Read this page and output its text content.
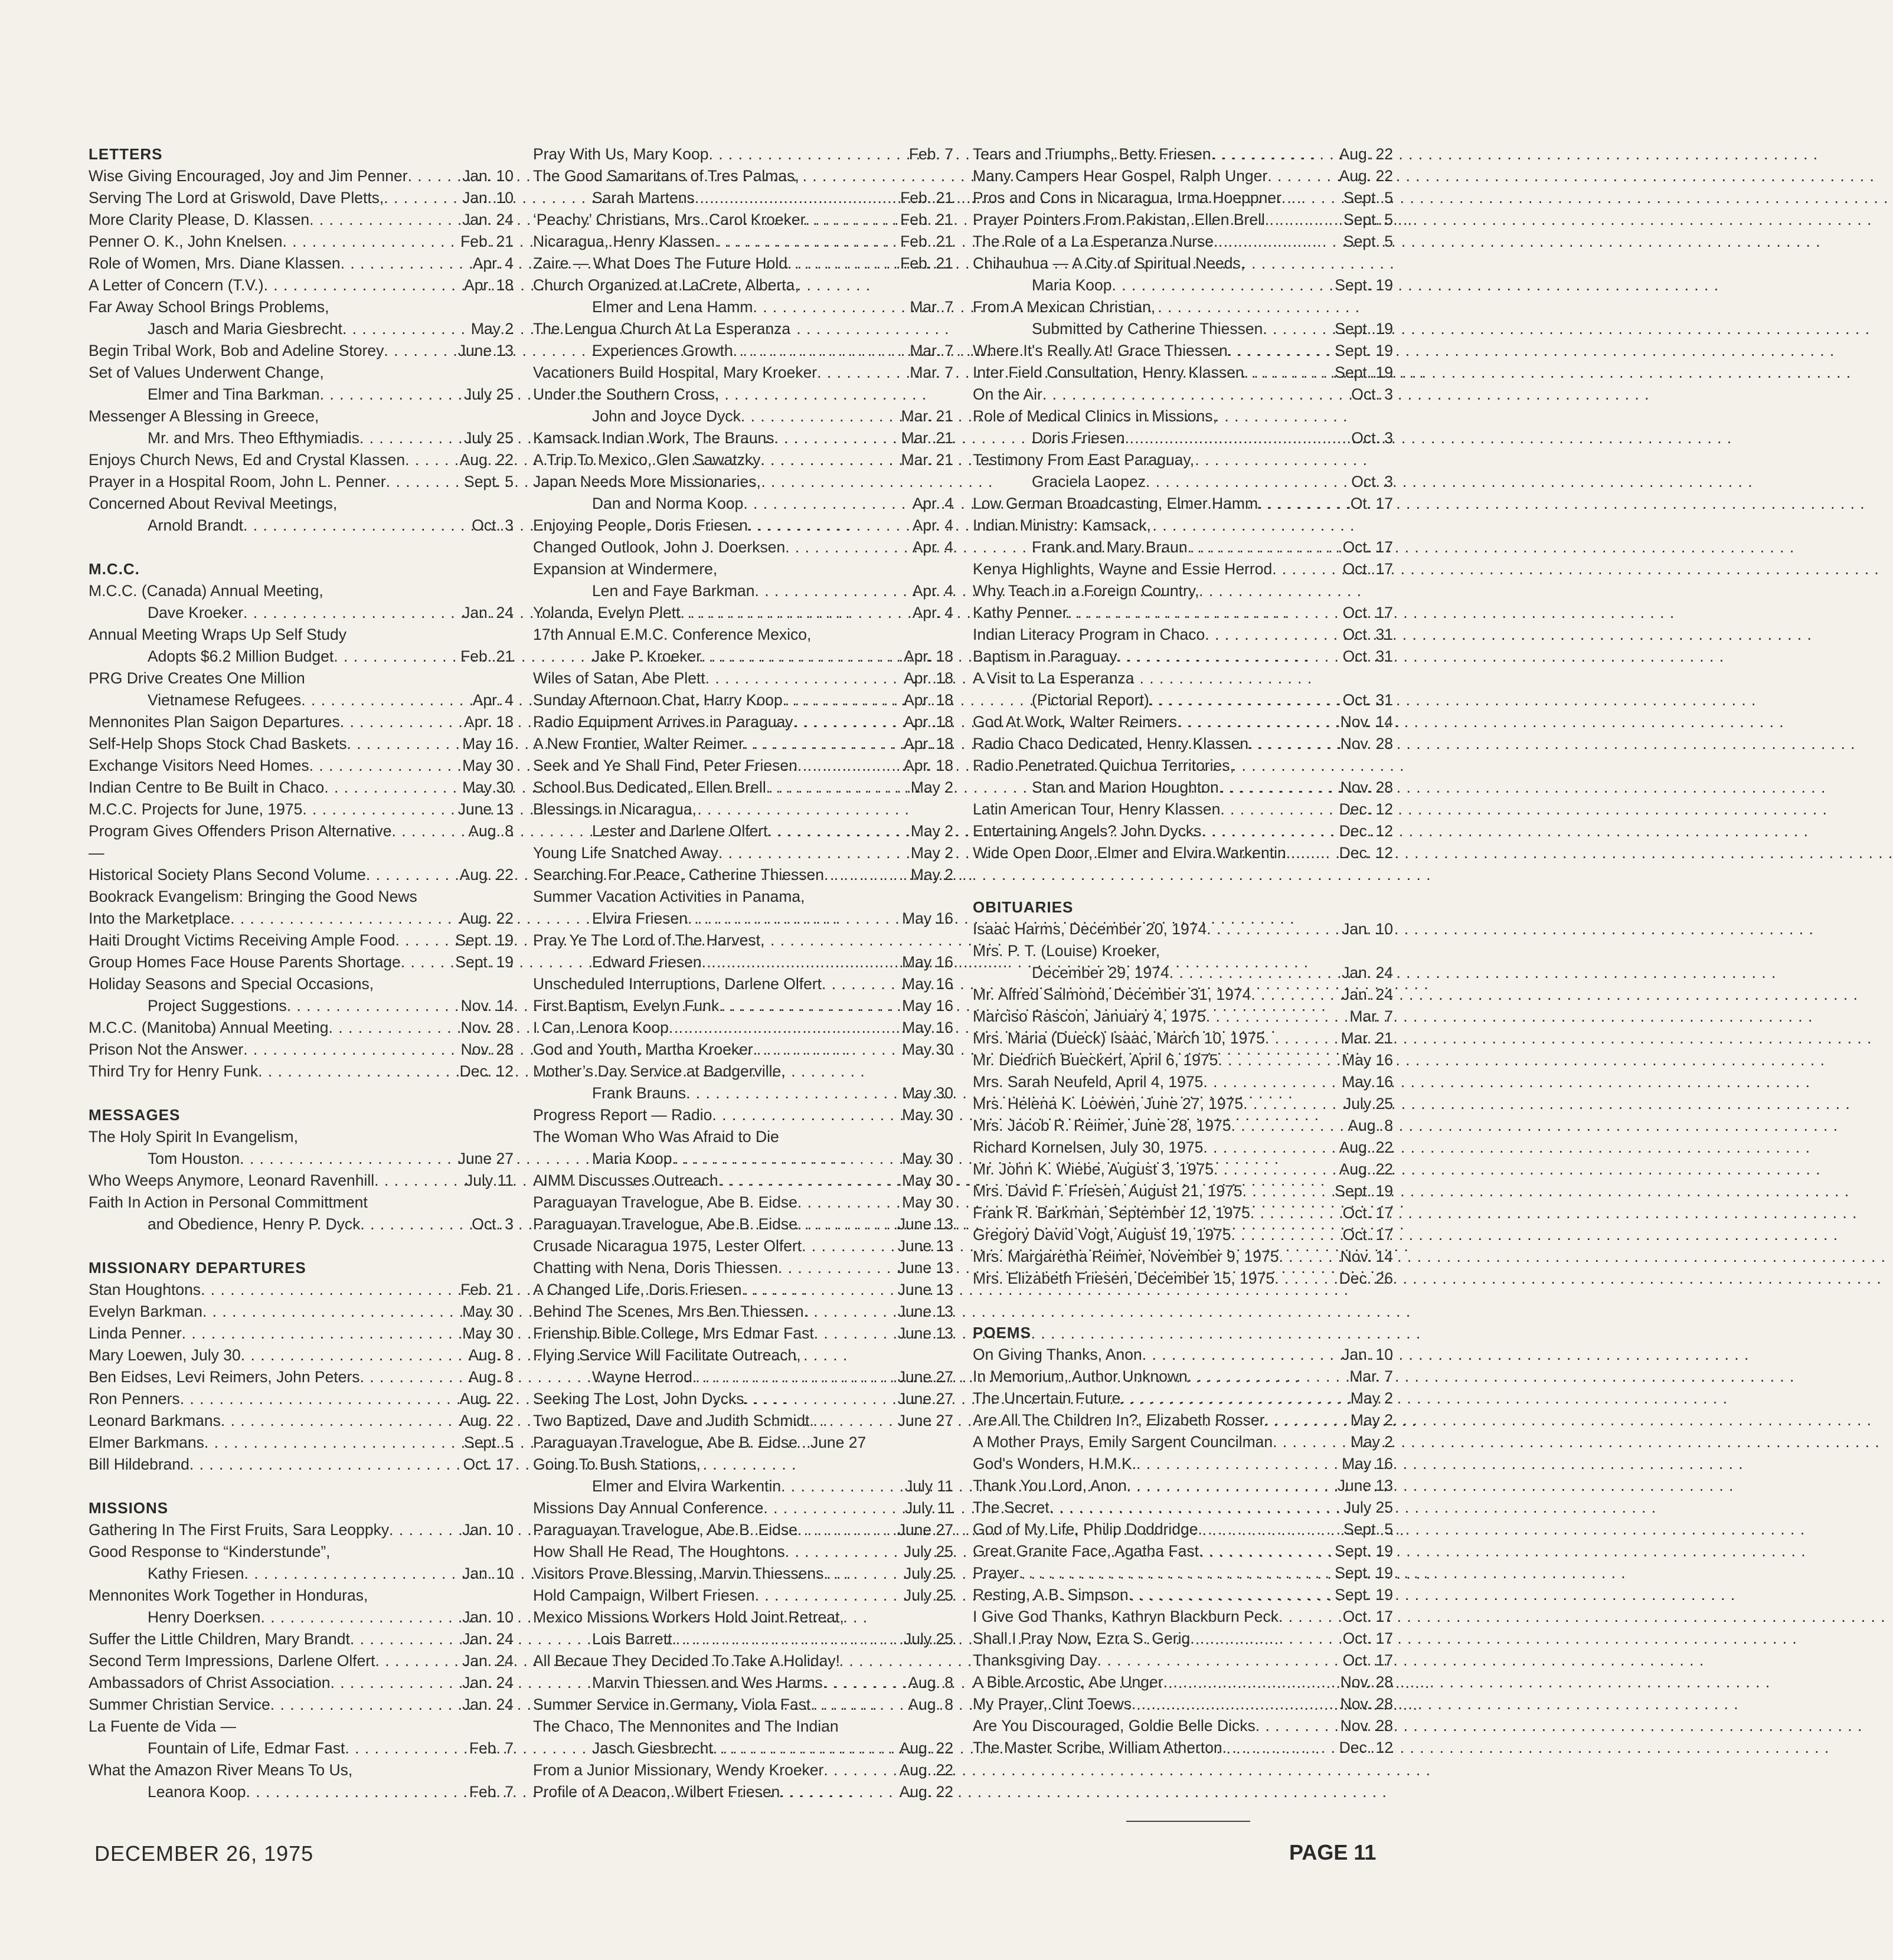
LETTERS
Wise Giving Encouraged, Joy and Jim Penner . . .	Jan. 10
Serving The Lord at Griswold, Dave Pletts, . . .	Jan. 10
More Clarity Please, D. Klassen . . .	Jan. 24
Penner O. K., John Knelsen . . .	Feb. 21
Role of Women, Mrs. Diane Klassen . . .	Apr. 4
A Letter of Concern (T.V.) . . .	Apr. 18
Far Away School Brings Problems,
Jasch and Maria Giesbrecht . . .	May 2
Begin Tribal Work, Bob and Adeline Storey . . .	June 13
Set of Values Underwent Change,
Elmer and Tina Barkman . . .	July 25
Messenger A Blessing in Greece,
Mr. and Mrs. Theo Efthymiadis . . .	July 25
Enjoys Church News, Ed and Crystal Klassen . . .	Aug. 22
Prayer in a Hospital Room, John L. Penner . . .	Sept. 5
Concerned About Revival Meetings,
Arnold Brandt . . .	Oct. 3
M.C.C.
M.C.C. (Canada) Annual Meeting,
Dave Kroeker . . .	Jan. 24
Annual Meeting Wraps Up Self Study
Adopts $6.2 Million Budget . . .	Feb. 21
PRG Drive Creates One Million
Vietnamese Refugees . . .	Apr. 4
Mennonites Plan Saigon Departures . . .	Apr. 18
Self-Help Shops Stock Chad Baskets . . .	May 16
Exchange Visitors Need Homes . . .	May 30
Indian Centre to Be Built in Chaco . . .	May 30
M.C.C. Projects for June, 1975 . . .	June 13
Program Gives Offenders Prison Alternative . . .	Aug. 8
—
Historical Society Plans Second Volume . . .	Aug. 22
Bookrack Evangelism: Bringing the Good News
Into the Marketplace . . .	Aug. 22
Haiti Drought Victims Receiving Ample Food . . .	Sept. 19
Group Homes Face House Parents Shortage . . .	Sept. 19
Holiday Seasons and Special Occasions,
Project Suggestions . . .	Nov. 14
M.C.C. (Manitoba) Annual Meeting . . .	Nov. 28
Prison Not the Answer . . .	Nov. 28
Third Try for Henry Funk . . .	Dec. 12
MESSAGES
The Holy Spirit In Evangelism,
Tom Houston . . .	June 27
Who Weeps Anymore, Leonard Ravenhill . . .	July 11
Faith In Action in Personal Committment
and Obedience, Henry P. Dyck . . .	Oct. 3
MISSIONARY DEPARTURES
Stan Houghtons . . .	Feb. 21
Evelyn Barkman . . .	May 30
Linda Penner . . .	May 30
Mary Loewen, July 30 . . .	Aug. 8
Ben Eidses, Levi Reimers, John Peters . . .	Aug. 8
Ron Penners . . .	Aug. 22
Leonard Barkmans . . .	Aug. 22
Elmer Barkmans . . .	Sept. 5
Bill Hildebrand . . .	Oct. 17
MISSIONS
Gathering In The First Fruits, Sara Leoppky . . .	Jan. 10
Good Response to “Kinderstunde”,
Kathy Friesen . . .	Jan. 10
Mennonites Work Together in Honduras,
Henry Doerksen . . .	Jan. 10
Suffer the Little Children, Mary Brandt . . .	Jan. 24
Second Term Impressions, Darlene Olfert . . .	Jan. 24
Ambassadors of Christ Association . . .	Jan. 24
Summer Christian Service . . .	Jan. 24
La Fuente de Vida —
Fountain of Life, Edmar Fast . . .	Feb. 7
What the Amazon River Means To Us,
Leanora Koop . . .	Feb. 7
Pray With Us, Mary Koop . . .	Feb. 7
The Good Samaritans of Tres Palmas,
Sarah Martens . . .	Feb. 21
‘Peachy’ Christians, Mrs. Carol Kroeker . . .	Feb. 21
Nicaragua, Henry Klassen . . .	Feb. 21
Zaire — What Does The Future Hold . . .	Feb. 21
Church Organized at LaCrete, Alberta,
Elmer and Lena Hamm . . .	Mar. 7
The Lengua Church At La Esperanza
Experiences Growth . . .	Mar. 7
Vacationers Build Hospital, Mary Kroeker . . .	Mar. 7
Under the Southern Cross,
John and Joyce Dyck . . .	Mar. 21
Kamsack Indian Work, The Brauns . . .	Mar. 21
A Trip To Mexico, Glen Sawatzky . . .	Mar. 21
Japan Needs More Missionaries,
Dan and Norma Koop . . .	Apr. 4
Enjoying People, Doris Friesen . . .	Apr. 4
Changed Outlook, John J. Doerksen . . .	Apr. 4
Expansion at Windermere,
Len and Faye Barkman . . .	Apr. 4
Yolanda, Evelyn Plett . . .	Apr. 4
17th Annual E.M.C. Conference Mexico,
Jake P. Kroeker . . .	Apr. 18
Wiles of Satan, Abe Plett . . .	Apr. 18
Sunday Afternoon Chat, Harry Koop . . .	Apr. 18
Radio Equipment Arrives in Paraguay . . .	Apr. 18
A New Frontier, Walter Reimer . . .	Apr. 18
Seek and Ye Shall Find, Peter Friesen . . .	Apr. 18
School Bus Dedicated, Ellen Brell . . .	May 2
Blessings in Nicaragua,
Lester and Darlene Olfert . . .	May 2
Young Life Snatched Away . . .	May 2
Searching For Peace, Catherine Thiessen . . .	May 2
Summer Vacation Activities in Panama,
Elvira Friesen . . .	May 16
Pray Ye The Lord of The Harvest,
Edward Friesen . . .	May 16
Unscheduled Interruptions, Darlene Olfert . . .	May 16
First Baptism, Evelyn Funk . . .	May 16
I Can, Lenora Koop . . .	May 16
God and Youth, Martha Kroeker . . .	May 30
Mother’s Day Service at Badgerville,
Frank Brauns . . .	May 30
Progress Report — Radio . . .	May 30
The Woman Who Was Afraid to Die
Maria Koop . . .	May 30
AIMM Discusses Outreach . . .	May 30
Paraguayan Travelogue, Abe B. Eidse . . .	May 30
Paraguayan Travelogue, Abe B. Eidse . . .	June 13
Crusade Nicaragua 1975, Lester Olfert . . .	June 13
Chatting with Nena, Doris Thiessen . . .	June 13
A Changed Life, Doris Friesen . . .	June 13
Behind The Scenes, Mrs Ben Thiessen . . .	June 13
Frienship Bible College, Mrs Edmar Fast . . .	June 13
Flying Service Will Facilitate Outreach,
Wayne Herrod . . .	June 27
Seeking The Lost, John Dycks . . .	June 27
Two Baptized, Dave and Judith Schmidt . . .	June 27
Paraguayan Travelogue, Abe B. Eidse . June 27
Going To Bush Stations,
Elmer and Elvira Warkentin . . .	July 11
Missions Day Annual Conference . . .	July 11
Paraguayan Travelogue, Abe B. Eidse . . .	June 27
How Shall He Read, The Houghtons . . .	July 25
Visitors Prove Blessing, Marvin Thiessens . . .	July 25
Hold Campaign, Wilbert Friesen . . .	July 25
Mexico Missions Workers Hold Joint Retreat,
Lois Barrett . . .	July 25
All Becaue They Decided To Take A Holiday!
Marvin Thiessen and Wes Harms . . .	Aug. 8
Summer Service in Germany, Viola Fast . . .	Aug. 8
The Chaco, The Mennonites and The Indian
Jasch Giesbrecht . . .	Aug. 22
From a Junior Missionary, Wendy Kroeker . . .	Aug. 22
Profile of A Deacon, Wilbert Friesen . . .	Aug. 22
Tears and Triumphs, Betty Friesen . . .	Aug. 22
Many Campers Hear Gospel, Ralph Unger . . .	Aug. 22
Pros and Cons in Nicaragua, Irma Hoeppner . . .	Sept. 5
Prayer Pointers From Pakistan, Ellen Brell . . .	Sept. 5
The Role of a La Esperanza Nurse . . .	Sept. 5
Chihauhua — A City of Spiritual Needs,
Maria Koop . . .	Sept. 19
From A Mexican Christian,
Submitted by Catherine Thiessen . . .	Sept. 19
Where It's Really At! Grace Thiessen . . .	Sept. 19
Inter Field Consultation, Henry Klassen . . .	Sept. 19
On the Air . . .	Oct. 3
Role of Medical Clinics in Missions,
Doris Friesen . . .	Oct. 3
Testimony From East Paraguay,
Graciela Laopez . . .	Oct. 3
Low German Broadcasting, Elmer Hamm . . .	Ot. 17
Indian Ministry: Kamsack,
Frank and Mary Braun . . .	Oct. 17
Kenya Highlights, Wayne and Essie Herrod . . .	Oct. 17
Why Teach in a Foreign Country,
Kathy Penner . . .	Oct. 17
Indian Literacy Program in Chaco . . .	Oct. 31
Baptism in Paraguay . . .	Oct. 31
A Visit to La Esperanza
(Pictorial Report) . . .	Oct. 31
God At Work, Walter Reimers . . .	Nov. 14
Radio Chaco Dedicated, Henry Klassen . . .	Nov. 28
Radio Penetrated Quichua Territories,
Stan and Marion Houghton . . .	Nov. 28
Latin American Tour, Henry Klassen . . .	Dec. 12
Entertaining Angels? John Dycks . . .	Dec. 12
Wide Open Door, Elmer and Elvira Warkentin . . .	Dec. 12
OBITUARIES
Isaac Harms, December 20, 1974 . . .	Jan. 10
Mrs. P. T. (Louise) Kroeker,
December 29, 1974 . . .	Jan. 24
Mr. Alfred Salmond, December 31, 1974 . . .	Jan. 24
Marciso Rascon, January 4, 1975 . . .	Mar. 7
Mrs. Maria (Dueck) Isaac, March 10, 1975 . . .	Mar. 21
Mr. Diedrich Bueckert, April 6, 1975 . . .	May 16
Mrs. Sarah Neufeld, April 4, 1975 . . .	May 16
Mrs. Helena K. Loewen, June 27, 1975 . . .	July 25
Mrs. Jacob R. Reimer, June 28, 1975 . . .	Aug. 8
Richard Kornelsen, July 30, 1975 . . .	Aug. 22
Mr. John K. Wiebe, August 3, 1975 . . .	Aug. 22
Mrs. David F. Friesen, August 21, 1975 . . .	Sept. 19
Frank R. Barkman, September 12, 1975 . . .	Oct. 17
Gregory David Vogt, August 19, 1975 . . .	Oct. 17
Mrs. Margaretha Reimer, November 9, 1975 . . .	Nov. 14
Mrs. Elizabeth Friesen, December 15, 1975 . . .	Dec. 26
POEMS
On Giving Thanks, Anon . . .	Jan. 10
In Memorium, Author Unknown . . .	Mar. 7
The Uncertain Future . . .	May 2
Are All The Children In?, Elizabeth Rosser . . .	May 2
A Mother Prays, Emily Sargent Councilman . . .	May 2
God's Wonders, H.M.K. . . .	May 16
Thank You Lord, Anon . . .	June 13
The Secret . . .	July 25
God of My Life, Philip Doddridge . . .	Sept. 5
Great Granite Face, Agatha Fast . . .	Sept. 19
Prayer . . .	Sept. 19
Resting, A.B. Simpson . . .	Sept. 19
I Give God Thanks, Kathryn Blackburn Peck . . .	Oct. 17
Shall I Pray Now, Ezra S. Gerig . . .	Oct. 17
Thanksgiving Day . . .	Oct. 17
A Bible Arcostic, Abe Unger . . .	Nov. 28
My Prayer, Clint Toews . . .	Nov. 28
Are You Discouraged, Goldie Belle Dicks . . .	Nov. 28
The Master Scribe, William Atherton . . .	Dec. 12
DECEMBER 26, 1975	PAGE 11
